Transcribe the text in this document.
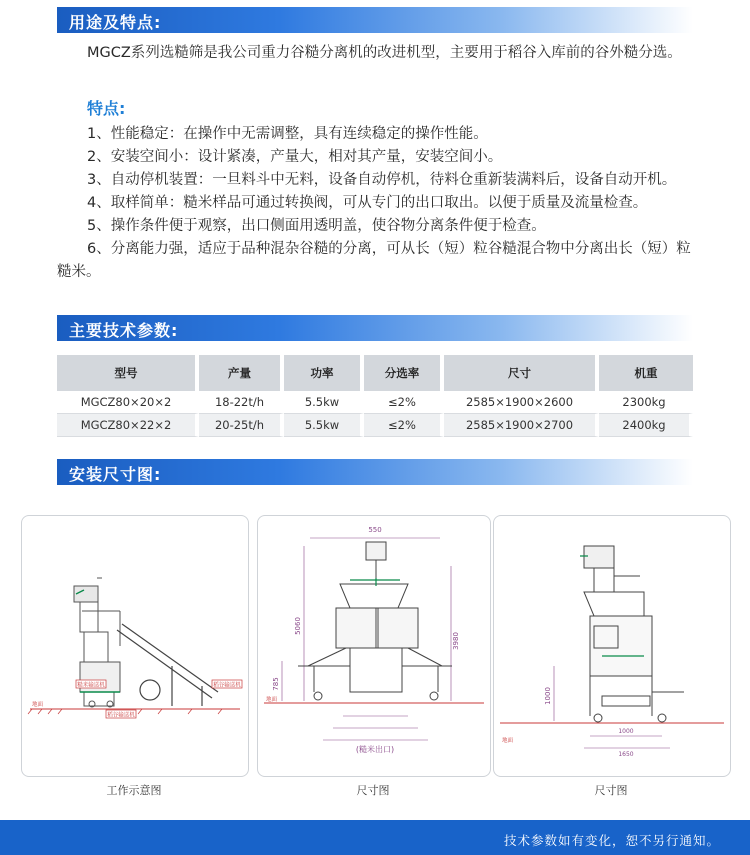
用途及特点:
MGCZ系列选糙筛是我公司重力谷糙分离机的改进机型，主要用于稻谷入库前的谷外糙分选。
特点:
1、性能稳定：在操作中无需调整，具有连续稳定的操作性能。
2、安装空间小：设计紧凑，产量大，相对其产量，安装空间小。
3、自动停机装置：一旦料斗中无料，设备自动停机，待料仓重新装满料后，设备自动开机。
4、取样简单：糙米样品可通过转换阀，可从专门的出口取出。以便于质量及流量检查。
5、操作条件便于观察，出口侧面用透明盖，使谷物分离条件便于检查。
6、分离能力强，适应于品种混杂谷糙的分离，可从长（短）粒谷糙混合物中分离出长（短）粒糙米。
主要技术参数:
型号	产量	功率	分选率	尺寸	机重
MGCZ80×20×2	18-22t/h	5.5kw	≤2%	2585×1900×2600	2300kg
MGCZ80×22×2	20-25t/h	5.5kw	≤2%	2585×1900×2700	2400kg
安装尺寸图:
糙米输送机	稻谷输送机
地面
稻谷输送机
工作示意图
550
5060
3980
785
地面
(糙米出口)
尺寸图
1000
地面
1000
1650
尺寸图
技术参数如有变化，恕不另行通知。
